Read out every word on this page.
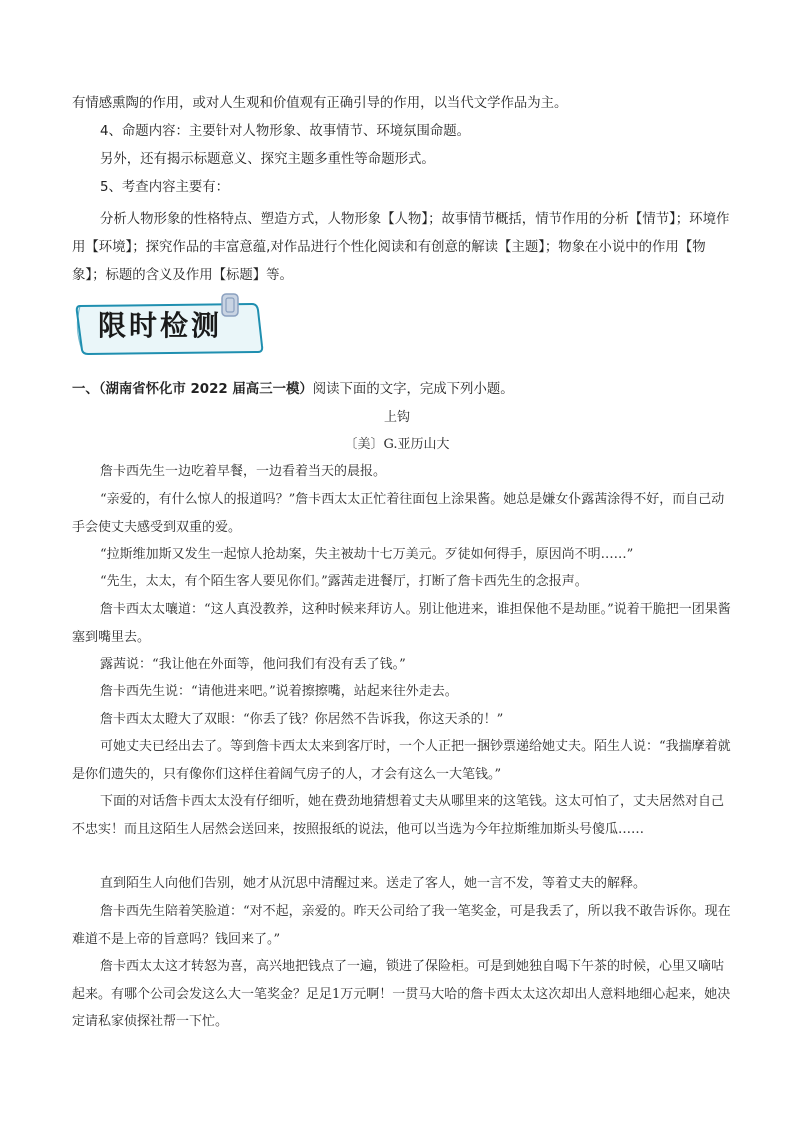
有情感熏陶的作用，或对人生观和价值观有正确引导的作用，以当代文学作品为主。
4、命题内容：主要针对人物形象、故事情节、环境氛围命题。
另外，还有揭示标题意义、探究主题多重性等命题形式。
5、考查内容主要有：
分析人物形象的性格特点、塑造方式，人物形象【人物】；故事情节概括，情节作用的分析【情节】；环境作用【环境】；探究作品的丰富意蕴,对作品进行个性化阅读和有创意的解读【主题】；物象在小说中的作用【物象】；标题的含义及作用【标题】等。
限时检测
一、（湖南省怀化市 2022 届高三一模）阅读下面的文字，完成下列小题。
上钩
〔美〕G.亚历山大
詹卡西先生一边吃着早餐，一边看着当天的晨报。
“亲爱的，有什么惊人的报道吗？”詹卡西太太正忙着往面包上涂果酱。她总是嫌女仆露茜涂得不好，而自己动手会使丈夫感受到双重的爱。
“拉斯维加斯又发生一起惊人抢劫案，失主被劫十七万美元。歹徒如何得手，原因尚不明……”
“先生，太太，有个陌生客人要见你们。”露茜走进餐厅，打断了詹卡西先生的念报声。
詹卡西太太嚷道：“这人真没教养，这种时候来拜访人。别让他进来，谁担保他不是劫匪。”说着干脆把一团果酱塞到嘴里去。
露茜说：“我让他在外面等，他问我们有没有丢了钱。”
詹卡西先生说：“请他进来吧。”说着擦擦嘴，站起来往外走去。
詹卡西太太瞪大了双眼：“你丢了钱？你居然不告诉我，你这天杀的！”
可她丈夫已经出去了。等到詹卡西太太来到客厅时，一个人正把一捆钞票递给她丈夫。陌生人说：“我揣摩着就是你们遗失的，只有像你们这样住着阔气房子的人，才会有这么一大笔钱。”
下面的对话詹卡西太太没有仔细听，她在费劲地猜想着丈夫从哪里来的这笔钱。这太可怕了，丈夫居然对自己不忠实！而且这陌生人居然会送回来，按照报纸的说法，他可以当选为今年拉斯维加斯头号傻瓜……
直到陌生人向他们告别，她才从沉思中清醒过来。送走了客人，她一言不发，等着丈夫的解释。
詹卡西先生陪着笑脸道：“对不起，亲爱的。昨天公司给了我一笔奖金，可是我丢了，所以我不敢告诉你。现在难道不是上帝的旨意吗？钱回来了。”
詹卡西太太这才转怒为喜，高兴地把钱点了一遍，锁进了保险柜。可是到她独自喝下午茶的时候，心里又嘀咕起来。有哪个公司会发这么大一笔奖金？足足1万元啊！一贯马大哈的詹卡西太太这次却出人意料地细心起来，她决定请私家侦探社帮一下忙。
